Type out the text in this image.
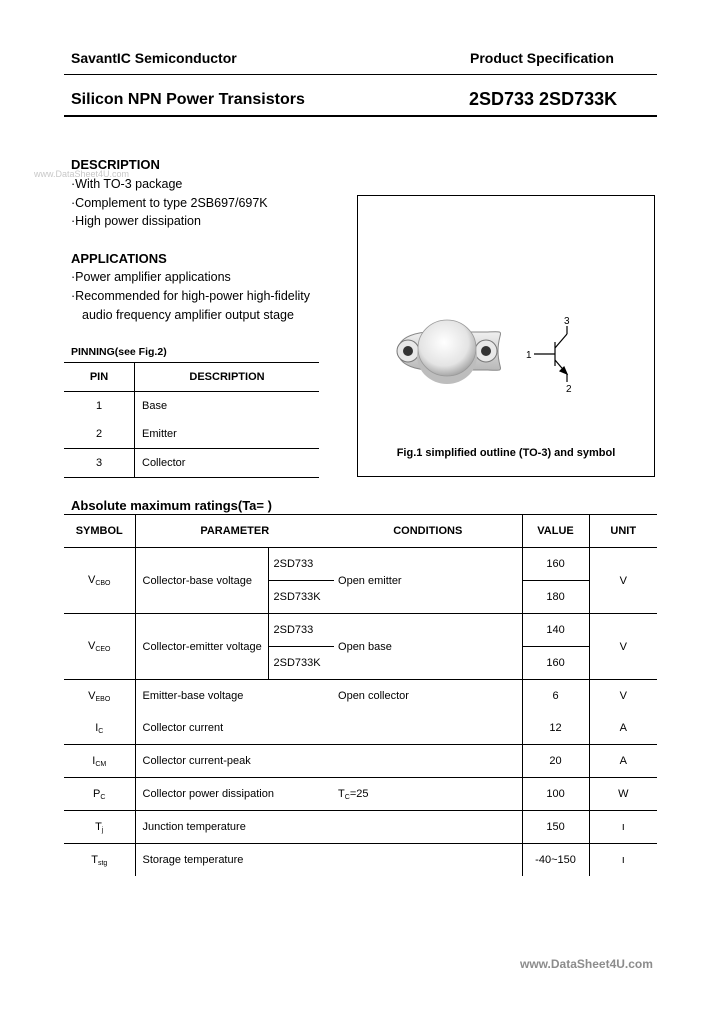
SavantIC Semiconductor	Product Specification
Silicon NPN Power Transistors	2SD733 2SD733K
www.DataSheet4U.com
DESCRIPTION
·With TO-3 package
·Complement to type 2SB697/697K
·High power dissipation
APPLICATIONS
·Power amplifier applications
·Recommended for high-power high-fidelity
audio frequency amplifier output stage
PINNING(see Fig.2)
PIN	DESCRIPTION
1	Base
2	Emitter
3	Collector
1
2
3
Fig.1 simplified outline (TO-3) and symbol
Absolute maximum ratings(Ta= )
SYMBOL	PARAMETER		CONDITIONS	VALUE	UNIT
$V_{CBO}$	Collector-base voltage	2SD733	Open emitter	160	V
		2SD733K		180	
$V_{CEO}$	Collector-emitter voltage	2SD733	Open base	140	V
		2SD733K		160	
$V_{EBO}$	Emitter-base voltage		Open collector	6	V
$I_C$	Collector current			12	A
$I_{CM}$	Collector current-peak			20	A
$P_C$	Collector power dissipation		$T_C=25$	100	W
$T_j$	Junction temperature			150	ı
$T_{stg}$	Storage temperature			-40~150	ı
www.DataSheet4U.com
